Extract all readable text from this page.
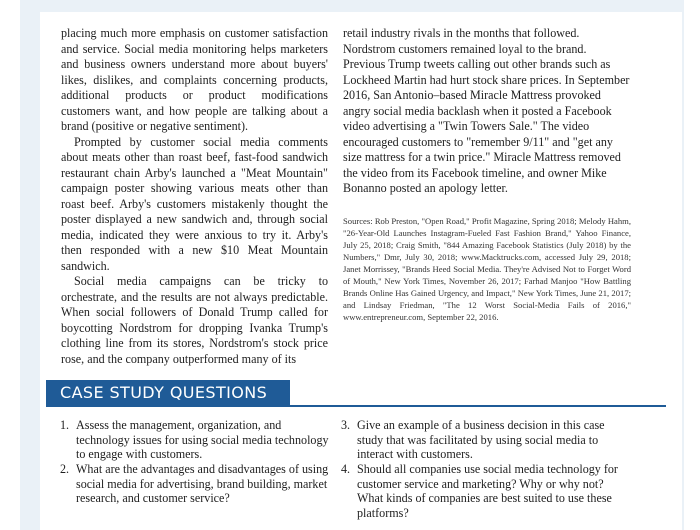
placing much more emphasis on customer satisfaction and service. Social media monitoring helps marketers and business owners understand more about buyers' likes, dislikes, and complaints concerning products, additional products or product modifications customers want, and how people are talking about a brand (positive or negative sentiment).

Prompted by customer social media comments about meats other than roast beef, fast-food sandwich restaurant chain Arby's launched a "Meat Mountain" campaign poster showing various meats other than roast beef. Arby's customers mistakenly thought the poster displayed a new sandwich and, through social media, indicated they were anxious to try it. Arby's then responded with a new $10 Meat Mountain sandwich.

Social media campaigns can be tricky to orchestrate, and the results are not always predictable. When social followers of Donald Trump called for boycotting Nordstrom for dropping Ivanka Trump's clothing line from its stores, Nordstrom's stock price rose, and the company outperformed many of its

retail industry rivals in the months that followed. Nordstrom customers remained loyal to the brand. Previous Trump tweets calling out other brands such as Lockheed Martin had hurt stock share prices. In September 2016, San Antonio–based Miracle Mattress provoked angry social media backlash when it posted a Facebook video advertising a "Twin Towers Sale." The video encouraged customers to "remember 9/11" and "get any size mattress for a twin price." Miracle Mattress removed the video from its Facebook timeline, and owner Mike Bonanno posted an apology letter.

Sources: Rob Preston, "Open Road," Profit Magazine, Spring 2018; Melody Hahm, "26-Year-Old Launches Instagram-Fueled Fast Fashion Brand," Yahoo Finance, July 25, 2018; Craig Smith, "844 Amazing Facebook Statistics (July 2018) by the Numbers," Dmr, July 30, 2018; www.Macktrucks.com, accessed July 29, 2018; Janet Morrissey, "Brands Heed Social Media. They're Advised Not to Forget Word of Mouth," New York Times, November 26, 2017; Farhad Manjoo "How Battling Brands Online Has Gained Urgency, and Impact," New York Times, June 21, 2017; and Lindsay Friedman, "The 12 Worst Social-Media Fails of 2016," www.entrepreneur.com, September 22, 2016.

CASE STUDY QUESTIONS
1. Assess the management, organization, and technology issues for using social media technology to engage with customers.
2. What are the advantages and disadvantages of using social media for advertising, brand building, market research, and customer service?
3. Give an example of a business decision in this case study that was facilitated by using social media to interact with customers.
4. Should all companies use social media technology for customer service and marketing? Why or why not? What kinds of companies are best suited to use these platforms?
